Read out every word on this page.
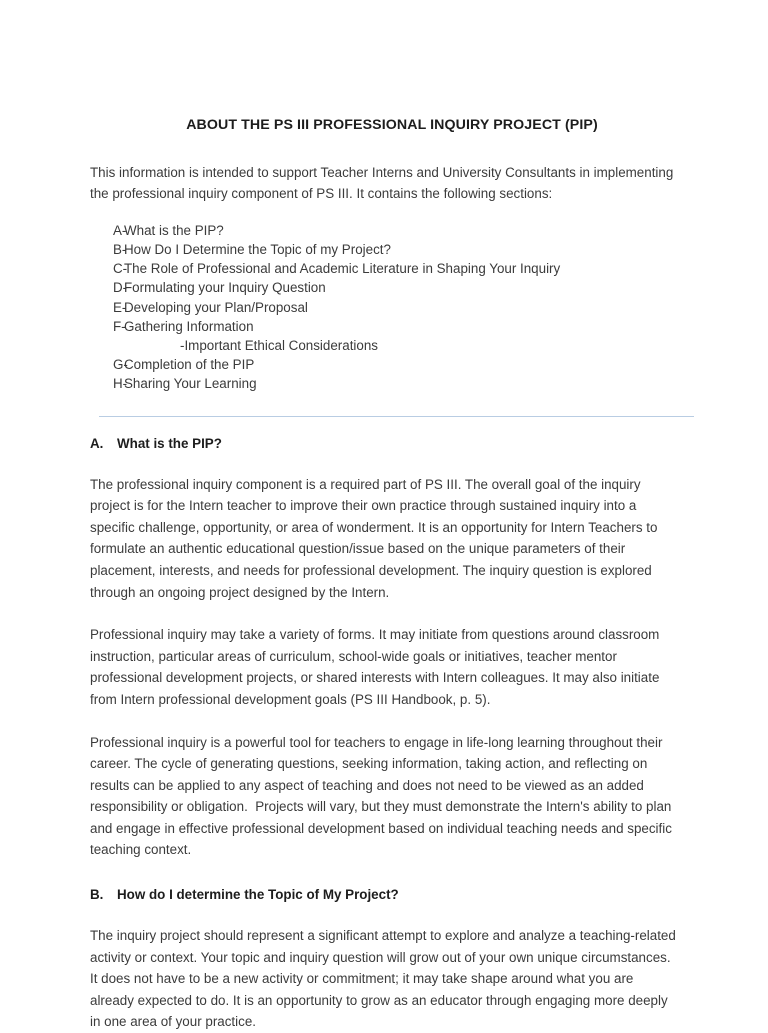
ABOUT THE PS III PROFESSIONAL INQUIRY PROJECT (PIP)

This information is intended to support Teacher Interns and University Consultants in implementing the professional inquiry component of PS III. It contains the following sections:

A-
What is the PIP?
B-
How Do I Determine the Topic of my Project?
C-
The Role of Professional and Academic Literature in Shaping Your Inquiry
D-
Formulating your Inquiry Question
E-
Developing your Plan/Proposal
F-
Gathering Information
-Important Ethical Considerations
G-
Completion of the PIP
H-
Sharing Your Learning
A.	What is the PIP?

The professional inquiry component is a required part of PS III. The overall goal of the inquiry project is for the Intern teacher to improve their own practice through sustained inquiry into a specific challenge, opportunity, or area of wonderment. It is an opportunity for Intern Teachers to formulate an authentic educational question/issue based on the unique parameters of their placement, interests, and needs for professional development. The inquiry question is explored through an ongoing project designed by the Intern.

Professional inquiry may take a variety of forms. It may initiate from questions around classroom instruction, particular areas of curriculum, school-wide goals or initiatives, teacher mentor professional development projects, or shared interests with Intern colleagues. It may also initiate from Intern professional development goals (PS III Handbook, p. 5).

Professional inquiry is a powerful tool for teachers to engage in life-long learning throughout their career. The cycle of generating questions, seeking information, taking action, and reflecting on results can be applied to any aspect of teaching and does not need to be viewed as an added responsibility or obligation.  Projects will vary, but they must demonstrate the Intern's ability to plan and engage in effective professional development based on individual teaching needs and specific teaching context.

B.	How do I determine the Topic of My Project?

The inquiry project should represent a significant attempt to explore and analyze a teaching-related activity or context. Your topic and inquiry question will grow out of your own unique circumstances. It does not have to be a new activity or commitment; it may take shape around what you are already expected to do. It is an opportunity to grow as an educator through engaging more deeply in one area of your practice.
